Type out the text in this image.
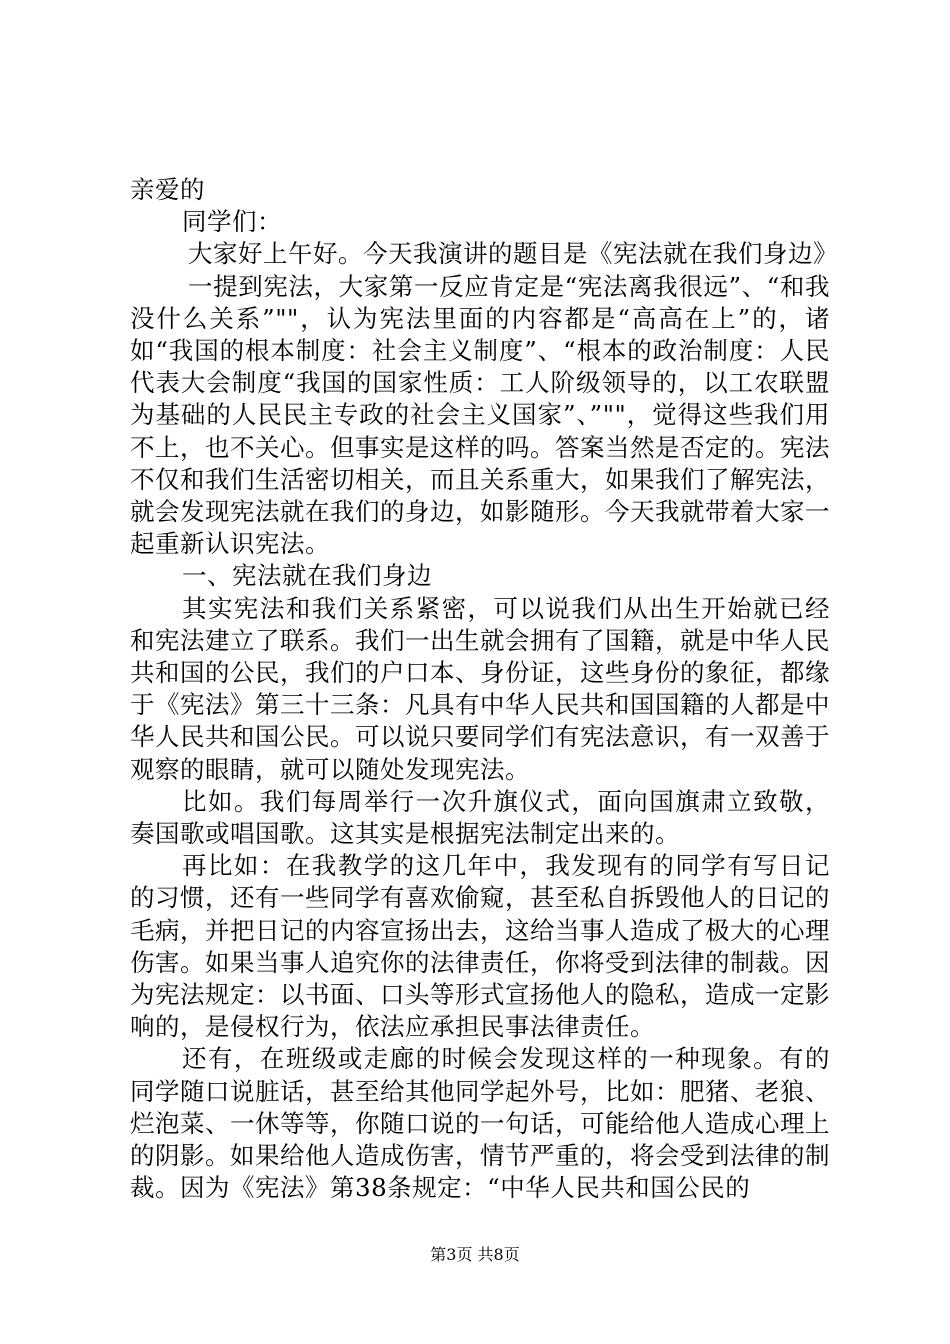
亲爱的

同学们：

大家好上午好。今天我演讲的题目是《宪法就在我们身边》

一提到宪法，大家第一反应肯定是“宪法离我很远”、“和我没什么关系”""，认为宪法里面的内容都是“高高在上”的，诸如“我国的根本制度：社会主义制度”、“根本的政治制度：人民代表大会制度“我国的国家性质：工人阶级领导的，以工农联盟为基础的人民民主专政的社会主义国家”、”""，觉得这些我们用不上，也不关心。但事实是这样的吗。答案当然是否定的。宪法不仅和我们生活密切相关，而且关系重大，如果我们了解宪法，就会发现宪法就在我们的身边，如影随形。今天我就带着大家一起重新认识宪法。

一、宪法就在我们身边

其实宪法和我们关系紧密，可以说我们从出生开始就已经和宪法建立了联系。我们一出生就会拥有了国籍，就是中华人民共和国的公民，我们的户口本、身份证，这些身份的象征，都缘于《宪法》第三十三条：凡具有中华人民共和国国籍的人都是中华人民共和国公民。可以说只要同学们有宪法意识，有一双善于观察的眼睛，就可以随处发现宪法。

比如。我们每周举行一次升旗仪式，面向国旗肃立致敬，奏国歌或唱国歌。这其实是根据宪法制定出来的。

再比如：在我教学的这几年中，我发现有的同学有写日记的习惯，还有一些同学有喜欢偷窥，甚至私自拆毁他人的日记的毛病，并把日记的内容宣扬出去，这给当事人造成了极大的心理伤害。如果当事人追究你的法律责任，你将受到法律的制裁。因为宪法规定：以书面、口头等形式宣扬他人的隐私，造成一定影响的，是侵权行为，依法应承担民事法律责任。

还有，在班级或走廊的时候会发现这样的一种现象。有的同学随口说脏话，甚至给其他同学起外号，比如：肥猪、老狼、烂泡菜、一休等等，你随口说的一句话，可能给他人造成心理上的阴影。如果给他人造成伤害，情节严重的，将会受到法律的制裁。因为《宪法》第38条规定：“中华人民共和国公民的

第3页 共8页
